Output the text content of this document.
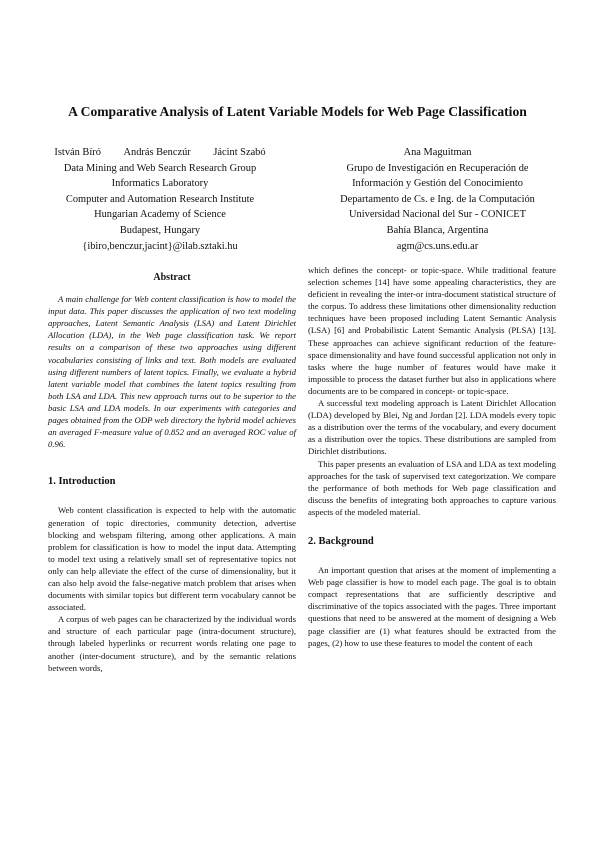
A Comparative Analysis of Latent Variable Models for Web Page Classification
István Bíró András Benczúr Jácint Szabó
Data Mining and Web Search Research Group
Informatics Laboratory
Computer and Automation Research Institute
Hungarian Academy of Science
Budapest, Hungary
{ibiro,benczur,jacint}@ilab.sztaki.hu
Ana Maguitman
Grupo de Investigación en Recuperación de
Información y Gestión del Conocimiento
Departamento de Cs. e Ing. de la Computación
Universidad Nacional del Sur - CONICET
Bahía Blanca, Argentina
agm@cs.uns.edu.ar
Abstract

A main challenge for Web content classification is how to model the input data. This paper discusses the application of two text modeling approaches, Latent Semantic Analysis (LSA) and Latent Dirichlet Allocation (LDA), in the Web page classification task. We report results on a comparison of these two approaches using different vocabularies consisting of links and text. Both models are evaluated using different numbers of latent topics. Finally, we evaluate a hybrid latent variable model that combines the latent topics resulting from both LSA and LDA. This new approach turns out to be superior to the basic LSA and LDA models. In our experiments with categories and pages obtained from the ODP web directory the hybrid model achieves an averaged F-measure value of 0.852 and an averaged ROC value of 0.96.

1. Introduction

Web content classification is expected to help with the automatic generation of topic directories, community detection, advertise blocking and webspam filtering, among other applications. A main problem for classification is how to model the input data. Attempting to model text using a relatively small set of representative topics not only can help alleviate the effect of the curse of dimensionality, but it can also help avoid the false-negative match problem that arises when documents with similar topics but different term vocabulary cannot be associated.

A corpus of web pages can be characterized by the individual words and structure of each particular page (intra-document structure), through labeled hyperlinks or recurrent words relating one page to another (inter-document structure), and by the semantic relations between words,

which defines the concept- or topic-space. While traditional feature selection schemes [14] have some appealing characteristics, they are deficient in revealing the inter-or intra-document statistical structure of the corpus. To address these limitations other dimensionality reduction techniques have been proposed including Latent Semantic Analysis (LSA) [6] and Probabilistic Latent Semantic Analysis (PLSA) [13]. These approaches can achieve significant reduction of the feature-space dimensionality and have found successful application not only in tasks where the huge number of features would have make it impossible to process the dataset further but also in applications where documents are to be compared in concept- or topic-space.

A successful text modeling approach is Latent Dirichlet Allocation (LDA) developed by Blei, Ng and Jordan [2]. LDA models every topic as a distribution over the terms of the vocabulary, and every document as a distribution over the topics. These distributions are sampled from Dirichlet distributions.

This paper presents an evaluation of LSA and LDA as text modeling approaches for the task of supervised text categorization. We compare the performance of both methods for Web page classification and discuss the benefits of integrating both approaches to capture various aspects of the modeled material.

2. Background

An important question that arises at the moment of implementing a Web page classifier is how to model each page. The goal is to obtain compact representations that are sufficiently descriptive and discriminative of the topics associated with the pages. Three important questions that need to be answered at the moment of designing a Web page classifier are (1) what features should be extracted from the pages, (2) how to use these features to model the content of each
